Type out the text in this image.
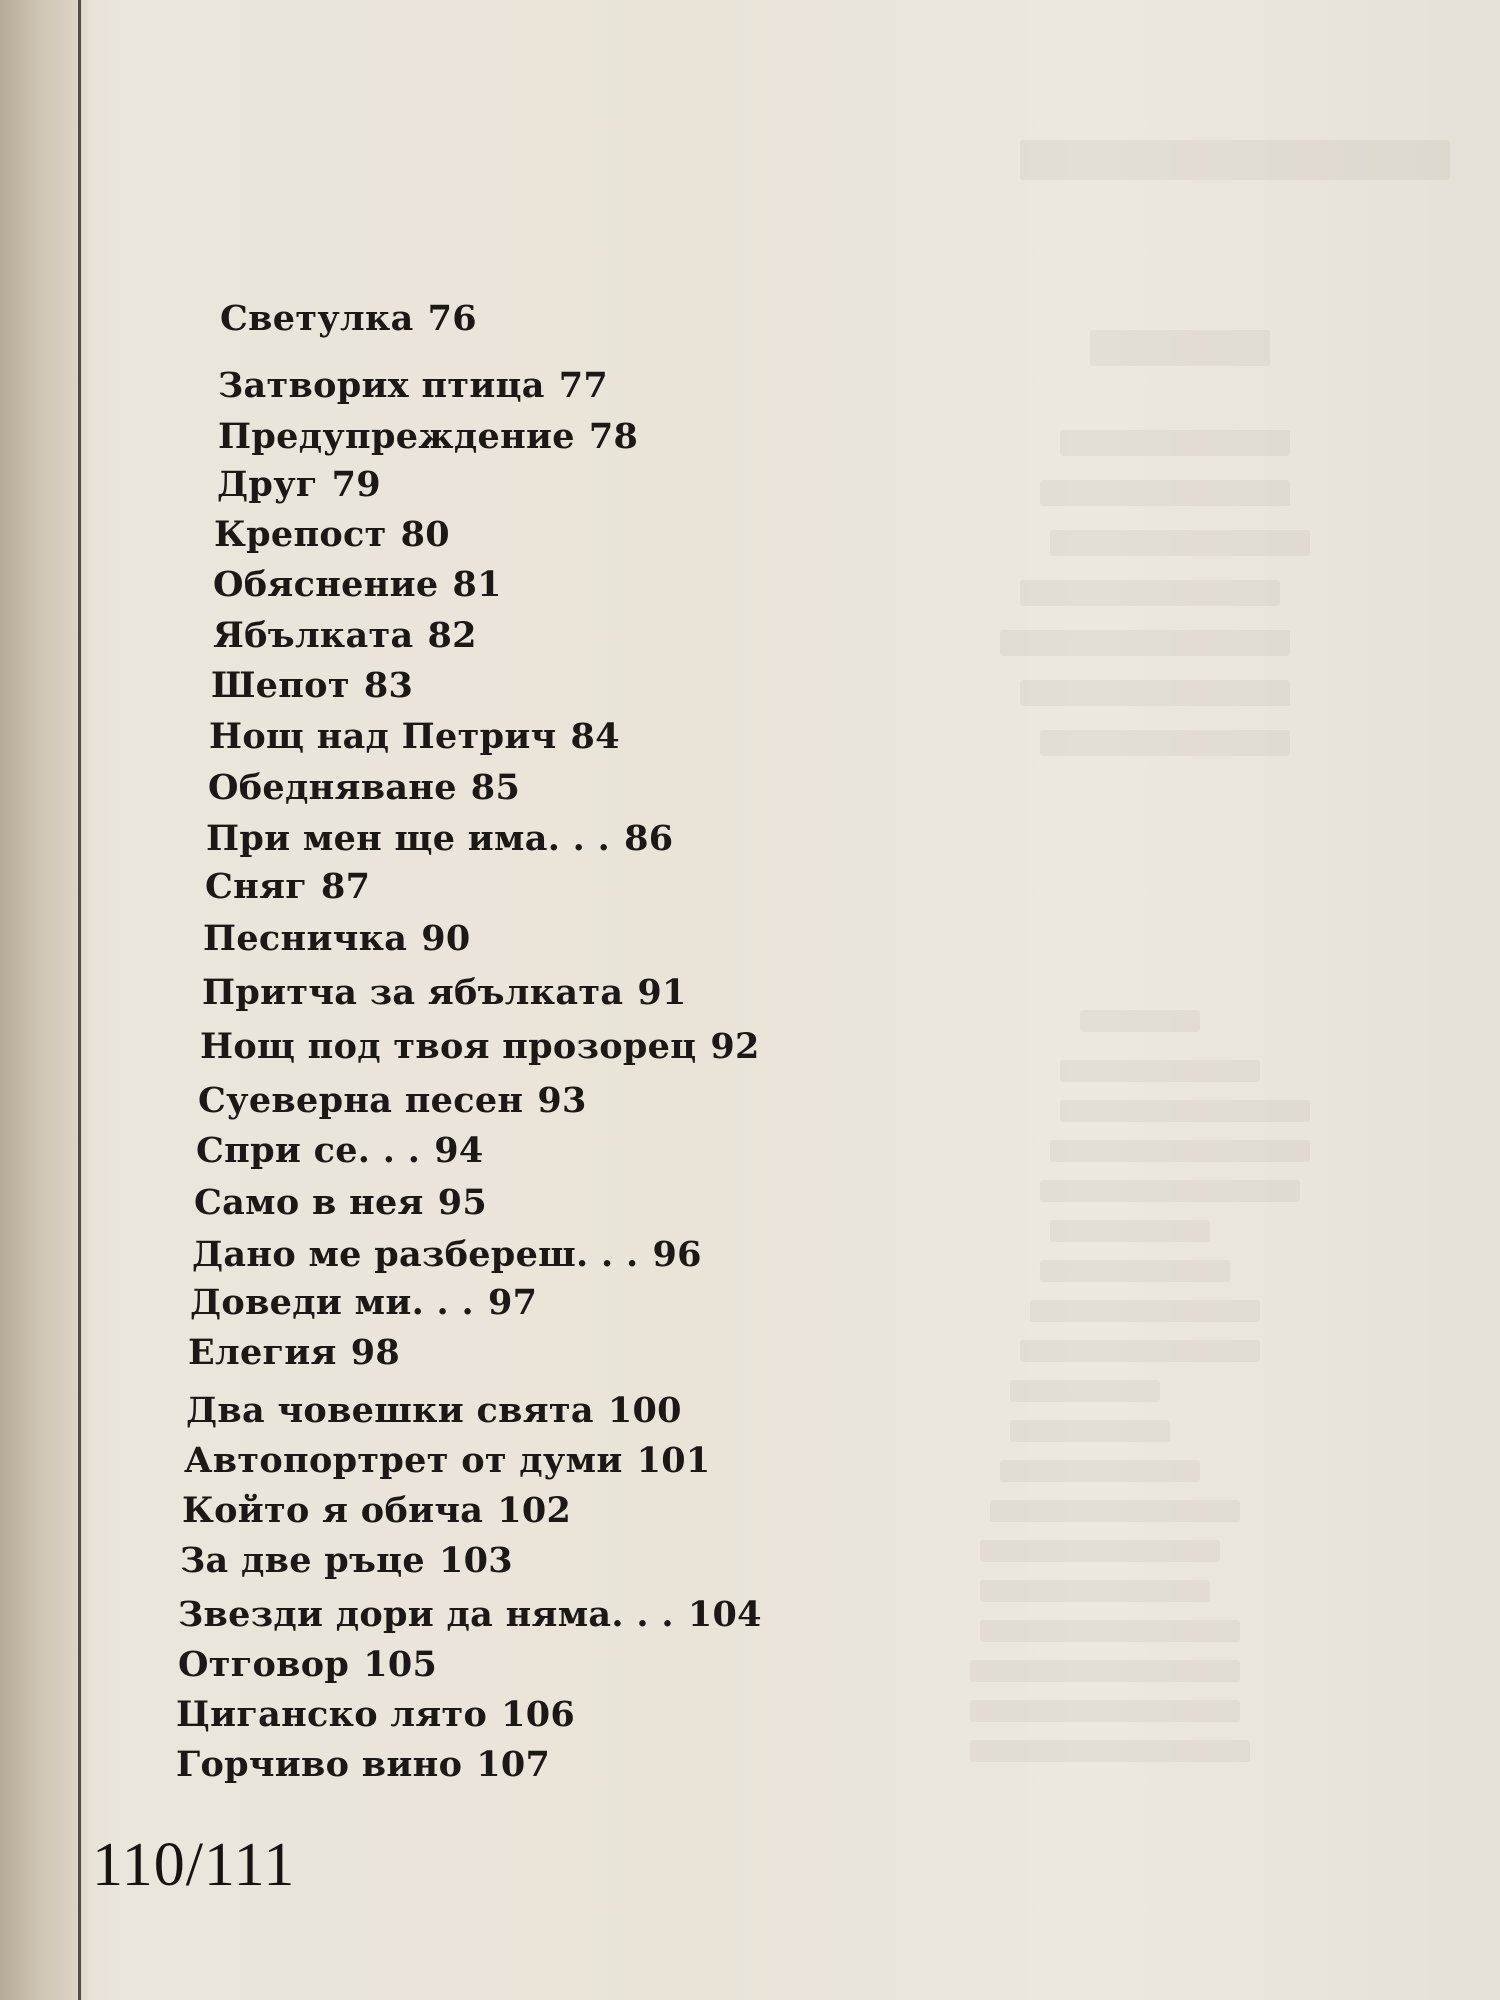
Светулка 76
Затворих птица 77
Предупреждение 78
Друг 79
Крепост 80
Обяснение 81
Ябълката 82
Шепот 83
Нощ над Петрич 84
Обедняване 85
При мен ще има. . . 86
Сняг 87
Песничка 90
Притча за ябълката 91
Нощ под твоя прозорец 92
Суеверна песен 93
Спри се. . . 94
Само в нея 95
Дано ме разбереш. . . 96
Доведи ми. . . 97
Елегия 98
Два човешки свята 100
Автопортрет от думи 101
Който я обича 102
За две ръце 103
Звезди дори да няма. . . 104
Отговор 105
Циганско лято 106
Горчиво вино 107
110/111
